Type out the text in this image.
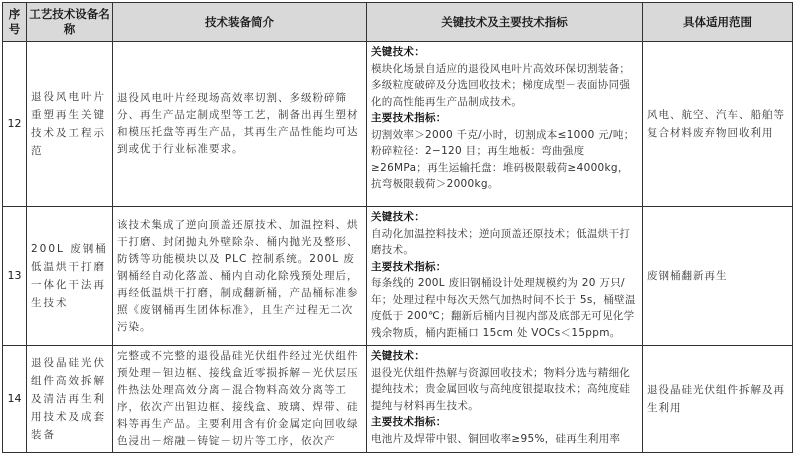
序号	工艺技术设备名称	技术装备简介	关键技术及主要技术指标	具体适用范围
12	退役风电叶片重塑再生关键技术及工程示范	退役风电叶片经现场高效率切割、多级粉碎筛分、再生产品定制成型等工艺，制备出再生塑材和模压托盘等再生产品，其再生产品性能均可达到或优于行业标准要求。	关键技术：
模块化场景自适应的退役风电叶片高效环保切割装备；多级粒度破碎及分选回收技术；梯度成型－表面协同强化的高性能再生产品制成技术。
主要技术指标：
切割效率＞2000 千克/小时，切割成本≤1000 元/吨；
粉碎粒径：2−120 目；再生地板：弯曲强度≥26MPa；再生运输托盘：堆码极限载荷≥4000kg，抗弯极限载荷＞2000kg。	风电、航空、汽车、船舶等复合材料废弃物回收利用
13	200L 废钢桶低温烘干打磨一体化干法再生技术	该技术集成了逆向顶盖还原技术、加温控料、烘干打磨、封闭抛丸外壁除杂、桶内抛光及整形、防锈等功能模块以及 PLC 控制系统。200L 废钢桶经自动化落盖、桶内自动化除残预处理后，再经低温烘干打磨，制成翻新桶，产品桶标准参照《废钢桶再生团体标准》，且生产过程无二次污染。	关键技术：
自动化加温控料技术；逆向顶盖还原技术；低温烘干打磨技术。
主要技术指标：
每条线的 200L 废旧钢桶设计处理规模约为 20 万只/年；处理过程中每次天然气加热时间不长于 5s，桶壁温度低于 200℃；翻新后桶内目视内部及底部无可见化学残余物质，桶内距桶口 15cm 处 VOCs＜15ppm。	废钢桶翻新再生
14	退役晶硅光伏组件高效拆解及清洁再生利用技术及成套装备	完整或不完整的退役晶硅光伏组件经过光伏组件预处理－钽边框、接线盒近零损拆解－光伏层压件热法处理高效分离－混合物料高效分离等工序，依次产出钽边框、接线盒、玻璃、焊带、硅料等再生产品。主要利用含有价金属定向回收绿色浸出－熔融－铸锭－切片等工序，依次产	关键技术：
退役光伏组件热解与资源回收技术；物料分选与精细化提纯技术；贵金属回收与高纯度银提取技术；高纯度硅提纯与材料再生技术。
主要技术指标：
电池片及焊带中银、铜回收率≥95%，硅再生利用率	退役晶硅光伏组件拆解及再生利用
